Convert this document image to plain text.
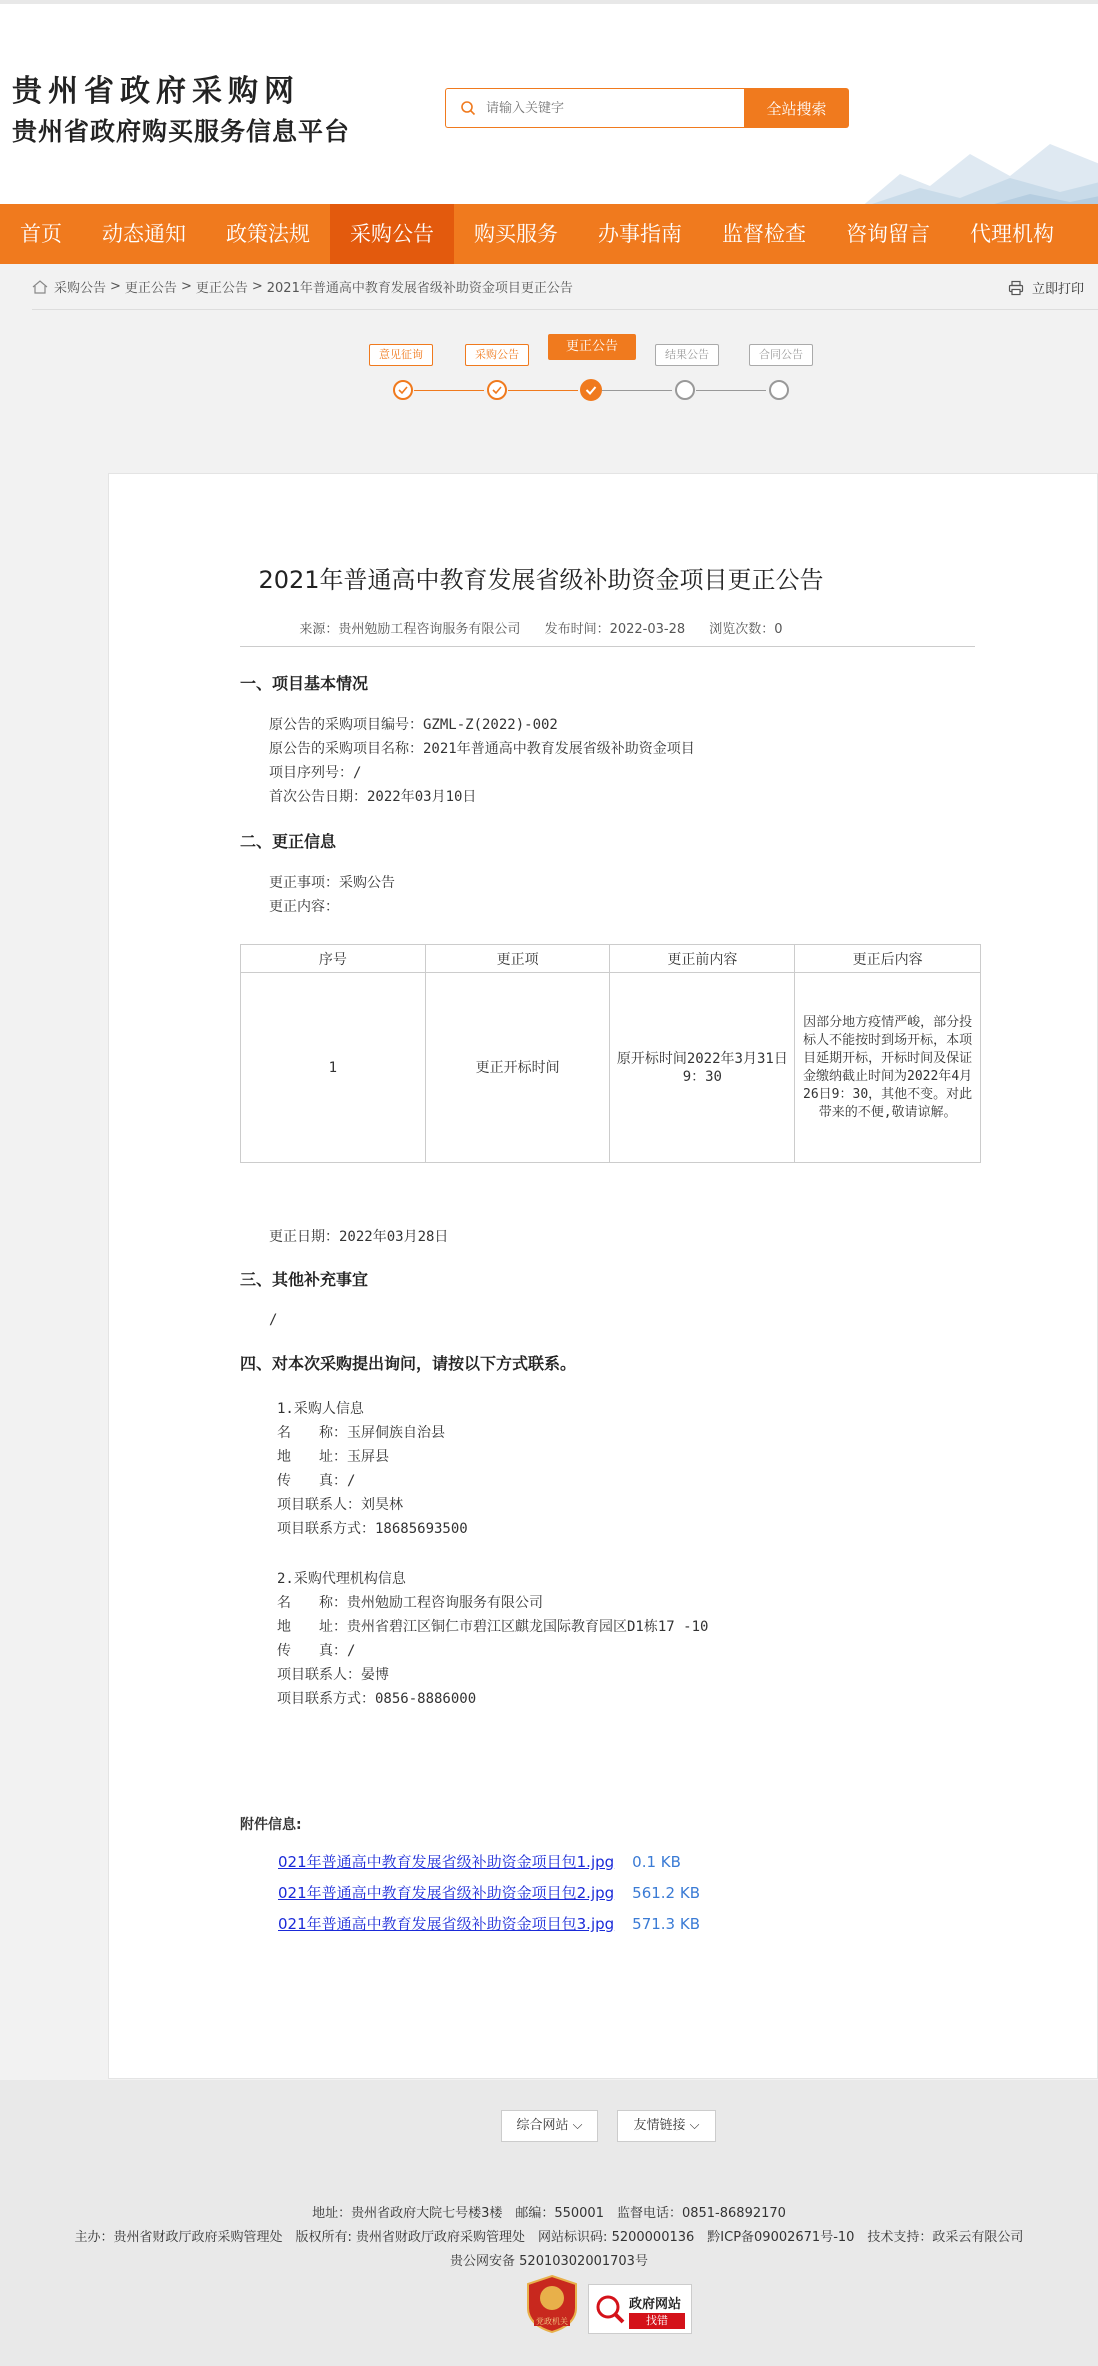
贵州省政府采购网
贵州省政府购买服务信息平台
请输入关键字
全站搜索
首页	动态通知	政策法规	采购公告	购买服务	办事指南	监督检查	咨询留言	代理机构
采购公告 > 更正公告 > 更正公告 > 2021年普通高中教育发展省级补助资金项目更正公告	立即打印
意见征询	采购公告
更正公告
结果公告	合同公告
2021年普通高中教育发展省级补助资金项目更正公告
来源：贵州勉励工程咨询服务有限公司 发布时间：2022-03-28 浏览次数：0
一、项目基本情况
原公告的采购项目编号：GZML-Z(2022)-002
原公告的采购项目名称：2021年普通高中教育发展省级补助资金项目
项目序列号：/
首次公告日期：2022年03月10日
二、更正信息
更正事项：采购公告
更正内容：
序号	更正项	更正前内容	更正后内容
1	更正开标时间	原开标时间2022年3月31日9：30	因部分地方疫情严峻，部分投标人不能按时到场开标，本项目延期开标，开标时间及保证金缴纳截止时间为2022年4月26日9：30，其他不变。对此带来的不便,敬请谅解。
更正日期：2022年03月28日
三、其他补充事宜
/
四、对本次采购提出询问，请按以下方式联系。
1.采购人信息
名　　称：玉屏侗族自治县
地　　址：玉屏县
传　　真：/
项目联系人：刘昊林
项目联系方式：18685693500
2.采购代理机构信息
名　　称：贵州勉励工程咨询服务有限公司
地　　址：贵州省碧江区铜仁市碧江区麒龙国际教育园区D1栋17 -10
传　　真：/
项目联系人：晏博
项目联系方式：0856-8886000
附件信息:
021年普通高中教育发展省级补助资金项目包1.jpg 0.1 KB
021年普通高中教育发展省级补助资金项目包2.jpg 561.2 KB
021年普通高中教育发展省级补助资金项目包3.jpg 571.3 KB
综合网站 ⌵	友情链接 ⌵
地址：贵州省政府大院七号楼3楼　邮编：550001　监督电话：0851-86892170
主办：贵州省财政厅政府采购管理处　版权所有: 贵州省财政厅政府采购管理处　网站标识码: 5200000136　黔ICP备09002671号-10　技术支持：政采云有限公司
贵公网安备 52010302001703号
党政机关
政府网站
找错
